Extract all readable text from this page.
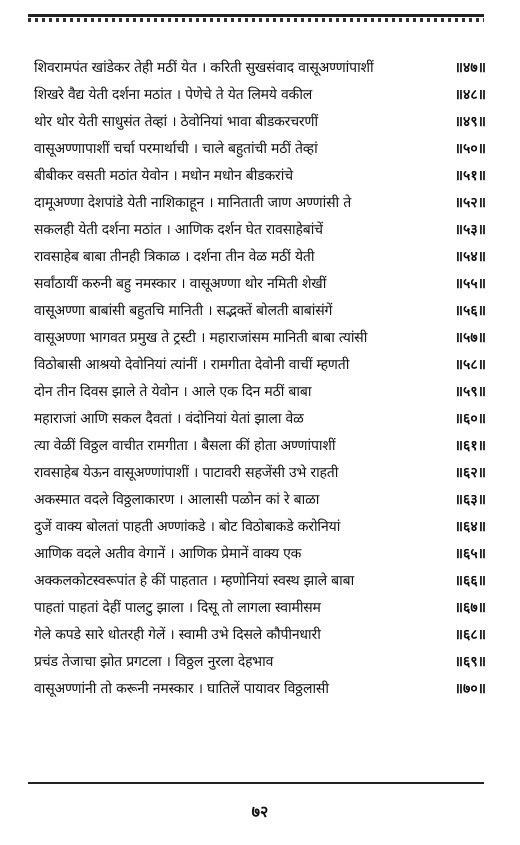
शिवरामपंत खांडेकर तेही मठीं येत । करिती सुखसंवाद वासूअण्णांपाशीं	॥४७॥
शिखरे वैद्य येती दर्शना मठांत । पेणेचे ते येत लिमये वकील	॥४८॥
थोर थोर येती साधुसंत तेव्हां । ठेवोनियां भावा बीडकरचरणीं	॥४९॥
वासूअण्णापाशीं चर्चा परमार्थाची । चाले बहुतांची मठीं तेव्हां	॥५०॥
बीबीकर वसती मठांत येवोन । मधोन मधोन बीडकरांचे	॥५१॥
दामूअण्णा देशपांडे येती नाशिकाहून । मानिताती जाण अण्णांसी ते	॥५२॥
सकलही येती दर्शना मठांत । आणिक दर्शन घेत रावसाहेबांचें	॥५३॥
रावसाहेब बाबा तीनही त्रिकाळ । दर्शना तीन वेळ मठीं येती	॥५४॥
सर्वांठायीं करुनी बहु नमस्कार । वासूअण्णा थोर नमिती शेखीं	॥५५॥
वासूअण्णा बाबांसी बहुतचि मानिती । सद्भक्तें बोलती बाबांसंगें	॥५६॥
वासूअण्णा भागवत प्रमुख ते ट्रस्टी । महाराजांसम मानिती बाबा त्यांसी	॥५७॥
विठोबासी आश्रयो देवोनियां त्यांनीं । रामगीता देवोनी वाचीं म्हणती	॥५८॥
दोन तीन दिवस झाले ते येवोन । आले एक दिन मठीं बाबा	॥५९॥
महाराजां आणि सकल दैवतां । वंदोनियां येतां झाला वेळ	॥६०॥
त्या वेळीं विठ्ठल वाचीत रामगीता । बैसला कीं होता अण्णांपाशीं	॥६१॥
रावसाहेब येऊन वासूअण्णांपाशीं । पाटावरी सहजेंसी उभे राहती	॥६२॥
अकस्मात वदले विठ्ठलाकारण । आलासी पळोन कां रे बाळा	॥६३॥
दुजें वाक्य बोलतां पाहती अण्णांकडे । बोट विठोबाकडे करोनियां	॥६४॥
आणिक वदले अतीव वेगानें । आणिक प्रेमानें वाक्य एक	॥६५॥
अक्कलकोटस्वरूपांत हे कीं पाहतात । म्हणोनियां स्वस्थ झाले बाबा	॥६६॥
पाहतां पाहतां देहीं पालटु झाला । दिसू तो लागला स्वामीसम	॥६७॥
गेले कपडे सारे धोतरही गेलें । स्वामी उभे दिसले कौपीनधारी	॥६८॥
प्रचंड तेजाचा झोत प्रगटला । विठ्ठल नुरला देहभाव	॥६९॥
वासूअण्णांनी तो करूनी नमस्कार । घातिलें पायावर विठ्ठलासी	॥७०॥
७२
